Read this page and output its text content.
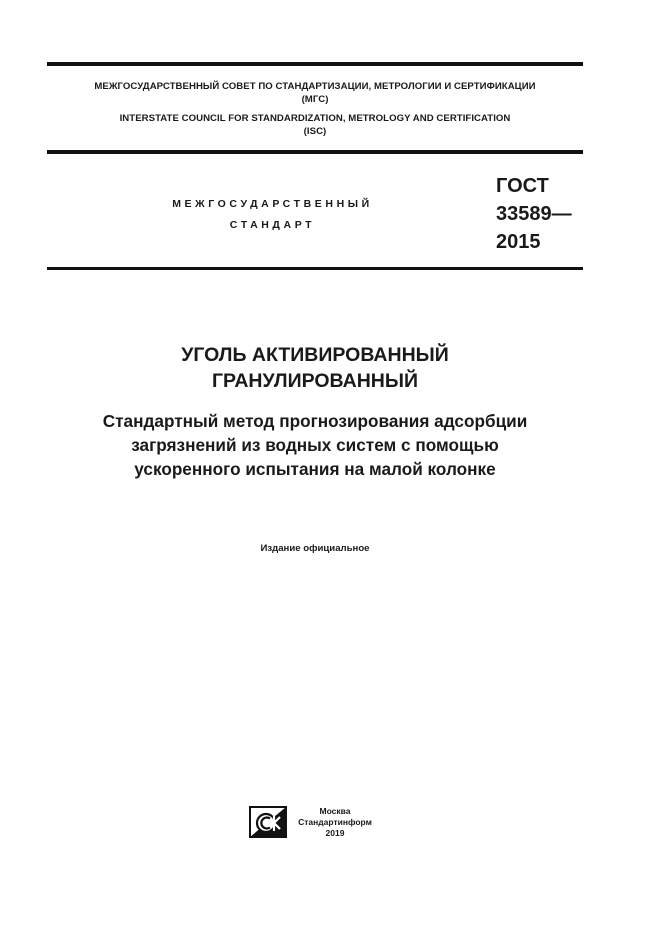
МЕЖГОСУДАРСТВЕННЫЙ СОВЕТ ПО СТАНДАРТИЗАЦИИ, МЕТРОЛОГИИ И СЕРТИФИКАЦИИ
(МГС)
INTERSTATE COUNCIL FOR STANDARDIZATION, METROLOGY AND CERTIFICATION
(ISC)
МЕЖГОСУДАРСТВЕННЫЙ
СТАНДАРТ
ГОСТ
33589—
2015
УГОЛЬ АКТИВИРОВАННЫЙ
ГРАНУЛИРОВАННЫЙ
Стандартный метод прогнозирования адсорбции
загрязнений из водных систем с помощью
ускоренного испытания на малой колонке
Издание официальное
Москва
Стандартинформ
2019
